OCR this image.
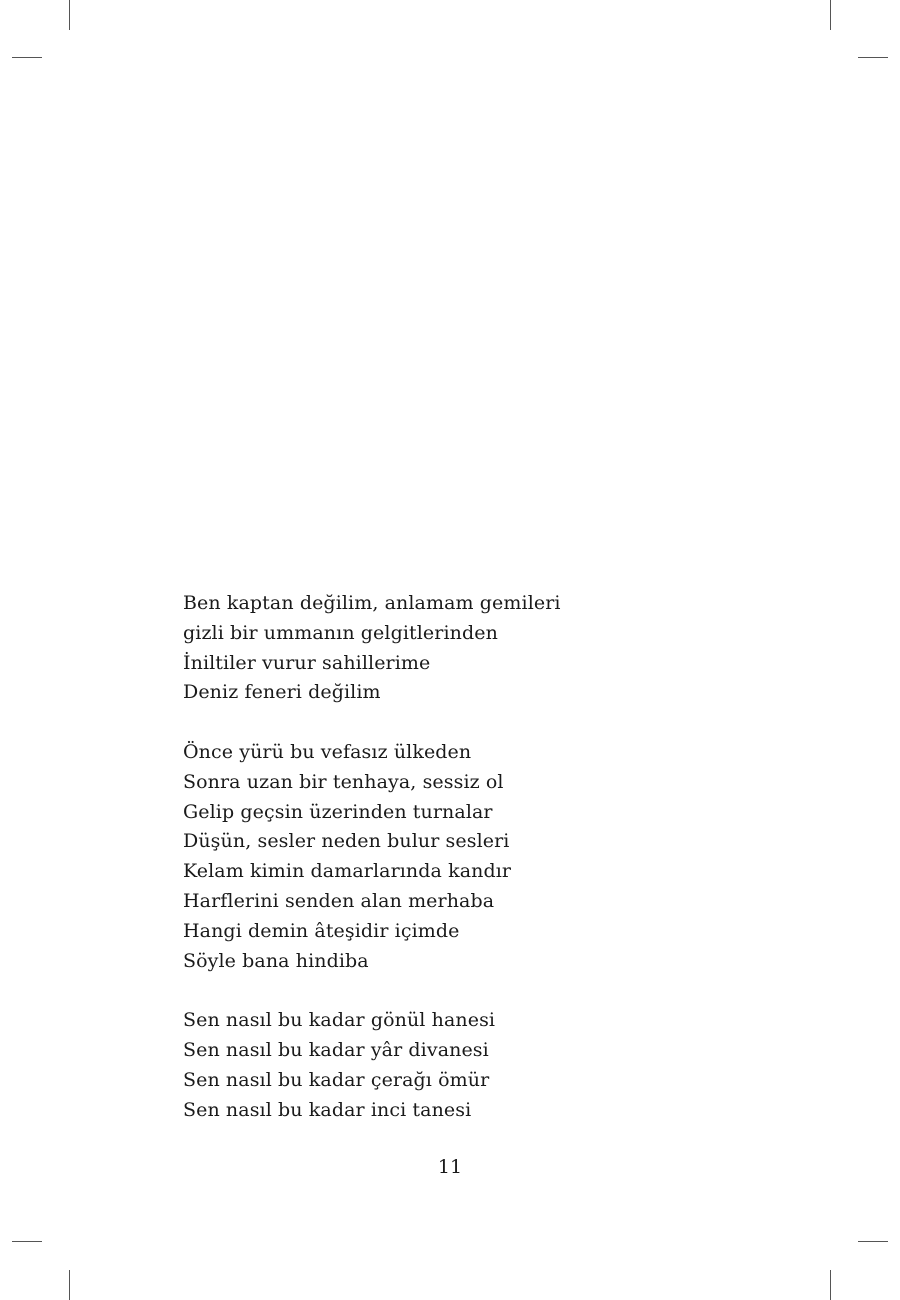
Ben kaptan değilim, anlamam gemileri
gizli bir ummanın gelgitlerinden
İniltiler vurur sahillerime
Deniz feneri değilim

Önce yürü bu vefasız ülkeden
Sonra uzan bir tenhaya, sessiz ol
Gelip geçsin üzerinden turnalar
Düşün, sesler neden bulur sesleri
Kelam kimin damarlarında kandır
Harflerini senden alan merhaba
Hangi demin âteşidir içimde
Söyle bana hindiba

Sen nasıl bu kadar gönül hanesi
Sen nasıl bu kadar yâr divanesi
Sen nasıl bu kadar çerağı ömür
Sen nasıl bu kadar inci tanesi

11
